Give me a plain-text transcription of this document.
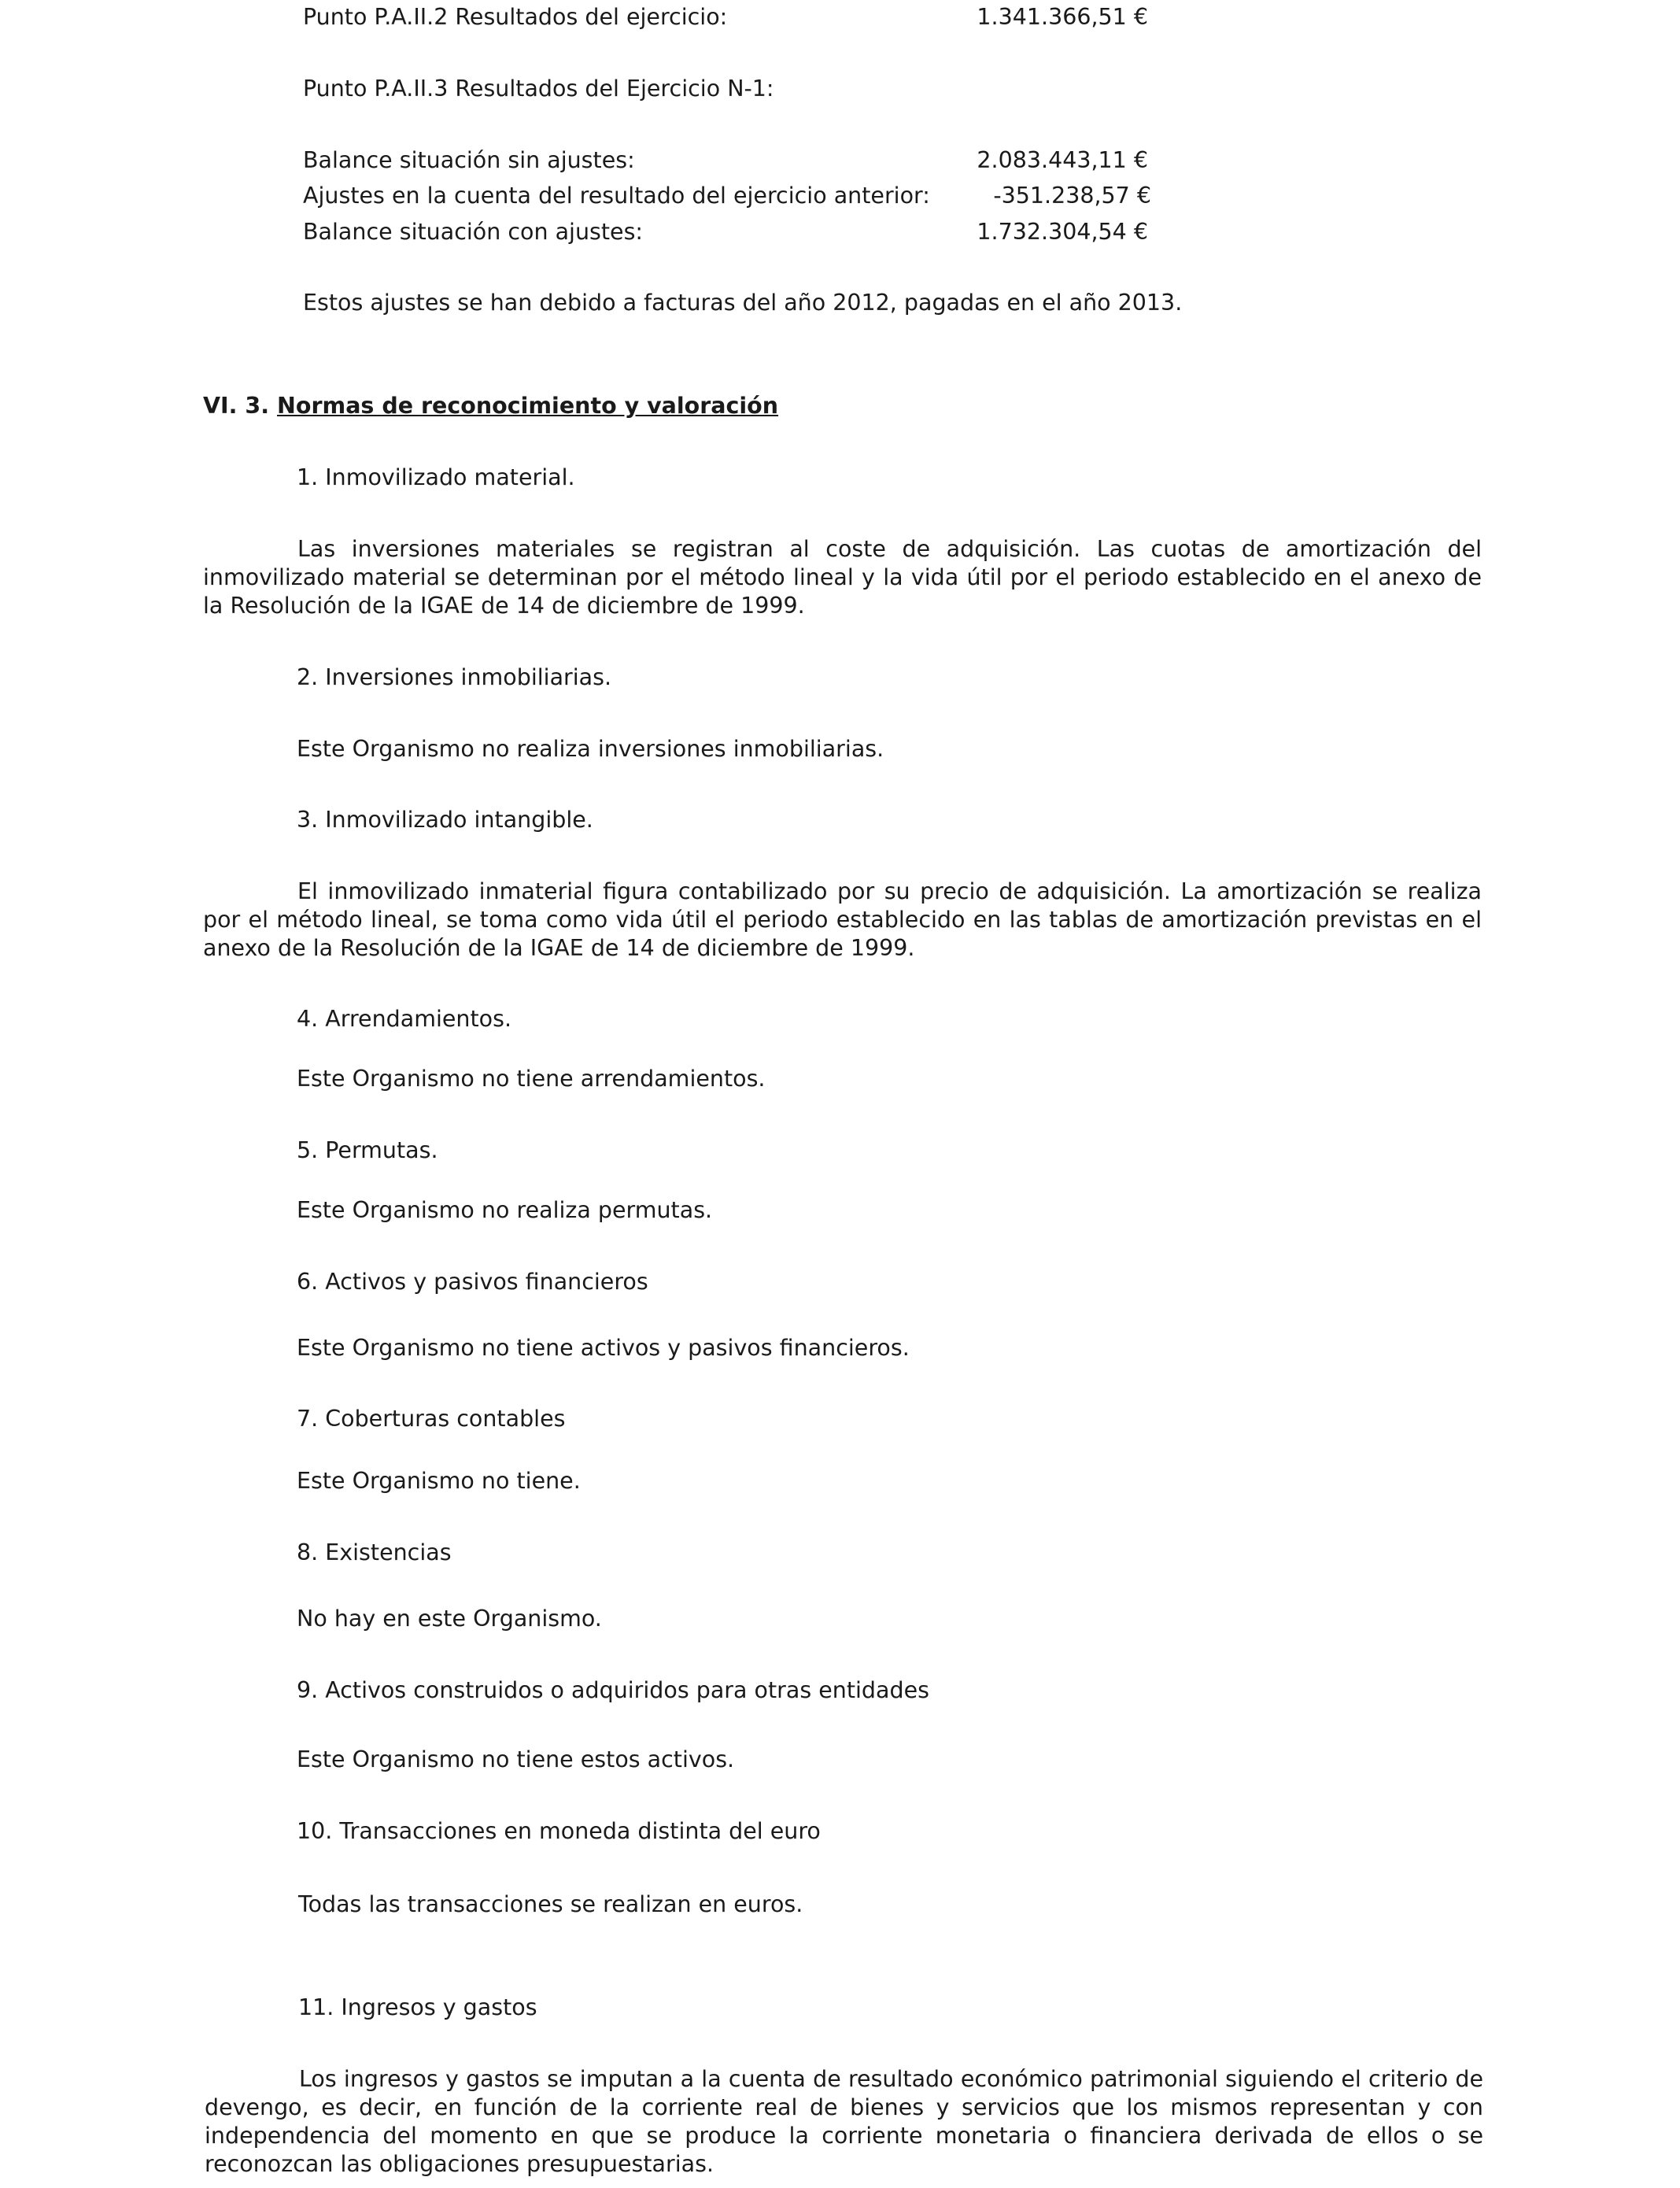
Punto P.A.II.2 Resultados del ejercicio:	1.341.366,51 €
Punto P.A.II.3 Resultados del Ejercicio N-1:
Balance situación sin ajustes:	2.083.443,11 €
Ajustes en la cuenta del resultado del ejercicio anterior:	-351.238,57 €
Balance situación con ajustes:	1.732.304,54 €
Estos ajustes se han debido a facturas del año 2012, pagadas en el año 2013.
VI. 3. Normas de reconocimiento y valoración
1. Inmovilizado material.
Las inversiones materiales se registran al coste de adquisición. Las cuotas de amortización del inmovilizado material se determinan por el método lineal y la vida útil por el periodo establecido en el anexo de la Resolución de la IGAE de 14 de diciembre de 1999.
2. Inversiones inmobiliarias.
Este Organismo no realiza inversiones inmobiliarias.
3. Inmovilizado intangible.
El inmovilizado inmaterial figura contabilizado por su precio de adquisición. La amortización se realiza por el método lineal, se toma como vida útil el periodo establecido en las tablas de amortización previstas en el anexo de la Resolución de la IGAE de 14 de diciembre de 1999.
4. Arrendamientos.
Este Organismo no tiene arrendamientos.
5. Permutas.
Este Organismo no realiza permutas.
6. Activos y pasivos financieros
Este Organismo no tiene activos y pasivos financieros.
7. Coberturas contables
Este Organismo no tiene.
8. Existencias
No hay en este Organismo.
9. Activos construidos o adquiridos para otras entidades
Este Organismo no tiene estos activos.
10. Transacciones en moneda distinta del euro
Todas las transacciones se realizan en euros.
11. Ingresos y gastos
Los ingresos y gastos se imputan a la cuenta de resultado económico patrimonial siguiendo el criterio de devengo, es decir, en función de la corriente real de bienes y servicios que los mismos representan y con independencia del momento en que se produce la corriente monetaria o financiera derivada de ellos o se reconozcan las obligaciones presupuestarias.
